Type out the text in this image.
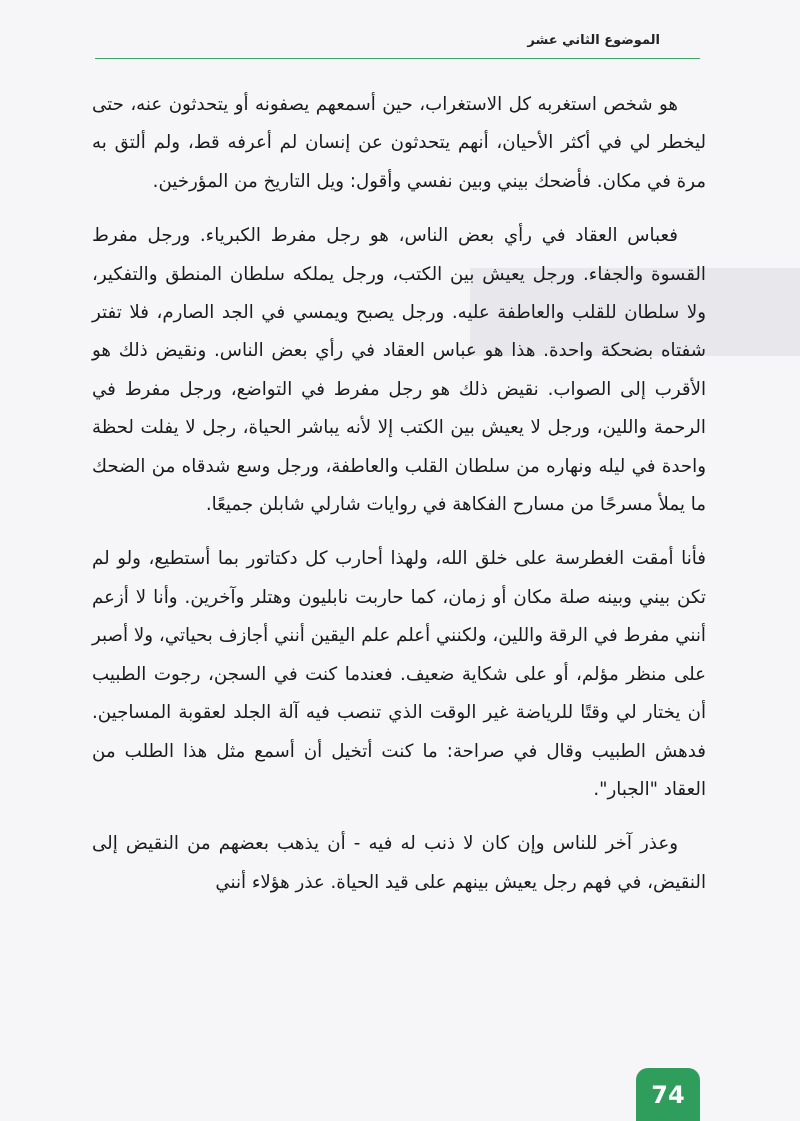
الموضوع الثاني عشر

هو شخص استغربه كل الاستغراب، حين أسمعهم يصفونه أو يتحدثون عنه، حتى ليخطر لي في أكثر الأحيان، أنهم يتحدثون عن إنسان لم أعرفه قط، ولم ألتق به مرة في مكان. فأضحك بيني وبين نفسي وأقول: ويل التاريخ من المؤرخين.

فعباس العقاد في رأي بعض الناس، هو رجل مفرط الكبرياء. ورجل مفرط القسوة والجفاء. ورجل يعيش بين الكتب، ورجل يملكه سلطان المنطق والتفكير، ولا سلطان للقلب والعاطفة عليه. ورجل يصبح ويمسي في الجد الصارم، فلا تفتر شفتاه بضحكة واحدة. هذا هو عباس العقاد في رأي بعض الناس. ونقيض ذلك هو الأقرب إلى الصواب. نقيض ذلك هو رجل مفرط في التواضع، ورجل مفرط في الرحمة واللين، ورجل لا يعيش بين الكتب إلا لأنه يباشر الحياة، رجل لا يفلت لحظة واحدة في ليله ونهاره من سلطان القلب والعاطفة، ورجل وسع شدقاه من الضحك ما يملأ مسرحًا من مسارح الفكاهة في روايات شارلي شابلن جميعًا.

فأنا أمقت الغطرسة على خلق الله، ولهذا أحارب كل دكتاتور بما أستطيع، ولو لم تكن بيني وبينه صلة مكان أو زمان، كما حاربت نابليون وهتلر وآخرين. وأنا لا أزعم أنني مفرط في الرقة واللين، ولكنني أعلم علم اليقين أنني أجازف بحياتي، ولا أصبر على منظر مؤلم، أو على شكاية ضعيف. فعندما كنت في السجن، رجوت الطبيب أن يختار لي وقتًا للرياضة غير الوقت الذي تنصب فيه آلة الجلد لعقوبة المساجين. فدهش الطبيب وقال في صراحة: ما كنت أتخيل أن أسمع مثل هذا الطلب من العقاد "الجبار".

وعذر آخر للناس وإن كان لا ذنب له فيه - أن يذهب بعضهم من النقيض إلى النقيض، في فهم رجل يعيش بينهم على قيد الحياة. عذر هؤلاء أنني

74
